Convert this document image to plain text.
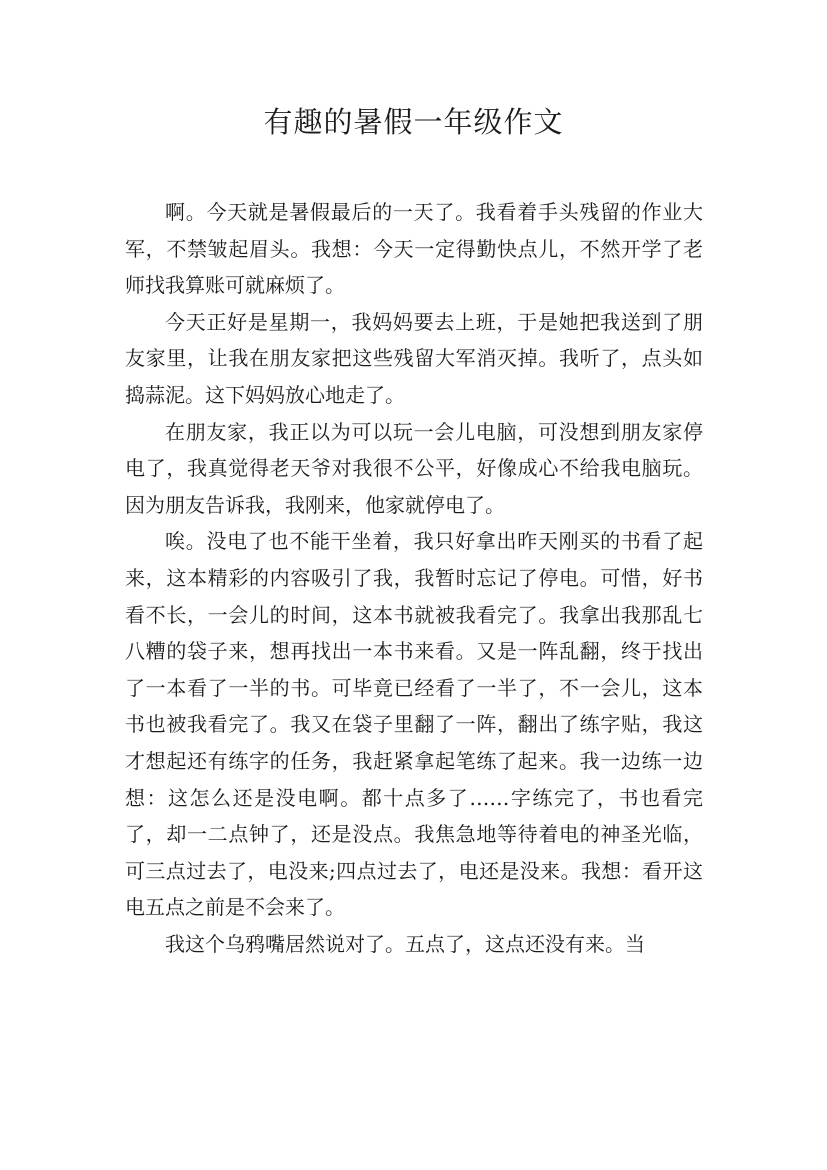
有趣的暑假一年级作文

啊。今天就是暑假最后的一天了。我看着手头残留的作业大军，不禁皱起眉头。我想：今天一定得勤快点儿，不然开学了老师找我算账可就麻烦了。

今天正好是星期一，我妈妈要去上班，于是她把我送到了朋友家里，让我在朋友家把这些残留大军消灭掉。我听了，点头如捣蒜泥。这下妈妈放心地走了。

在朋友家，我正以为可以玩一会儿电脑，可没想到朋友家停电了，我真觉得老天爷对我很不公平，好像成心不给我电脑玩。因为朋友告诉我，我刚来，他家就停电了。

唉。没电了也不能干坐着，我只好拿出昨天刚买的书看了起来，这本精彩的内容吸引了我，我暂时忘记了停电。可惜，好书看不长，一会儿的时间，这本书就被我看完了。我拿出我那乱七八糟的袋子来，想再找出一本书来看。又是一阵乱翻，终于找出了一本看了一半的书。可毕竟已经看了一半了，不一会儿，这本书也被我看完了。我又在袋子里翻了一阵，翻出了练字贴，我这才想起还有练字的任务，我赶紧拿起笔练了起来。我一边练一边想：这怎么还是没电啊。都十点多了……字练完了，书也看完了，却一二点钟了，还是没点。我焦急地等待着电的神圣光临，可三点过去了，电没来;四点过去了，电还是没来。我想：看开这电五点之前是不会来了。

我这个乌鸦嘴居然说对了。五点了，这点还没有来。当
